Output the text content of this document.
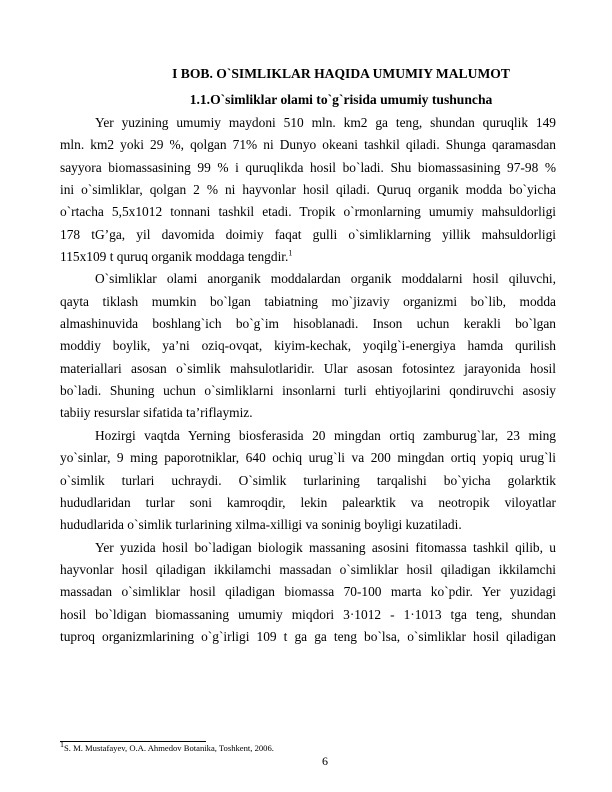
I BOB. O`SIMLIKLAR HAQIDA UMUMIY MALUMOT
1.1.O`simliklar olami to`g`risida umumiy tushuncha
Yer yuzining umumiy maydoni 510 mln. km2 ga teng, shundan quruqlik 149
mln. km2 yoki 29 %, qolgan 71% ni Dunyo okeani tashkil qiladi. Shunga qaramasdan
sayyora biomassasining 99 % i quruqlikda hosil bo`ladi. Shu biomassasining 97-98 %
ini o`simliklar, qolgan 2 % ni hayvonlar hosil qiladi. Quruq organik modda bo`yicha
o`rtacha 5,5x1012 tonnani tashkil etadi. Tropik o`rmonlarning umumiy mahsuldorligi
178 tG’ga, yil davomida doimiy faqat gulli o`simliklarning yillik mahsuldorligi
115x109 t quruq organik moddaga tengdir.$^1$
O`simliklar olami anorganik moddalardan organik moddalarni hosil qiluvchi,
qayta tiklash mumkin bo`lgan tabiatning mo`jizaviy organizmi bo`lib, modda
almashinuvida boshlang`ich bo`g`im hisoblanadi. Inson uchun kerakli bo`lgan
moddiy boylik, ya’ni oziq-ovqat, kiyim-kechak, yoqilg`i-energiya hamda qurilish
materiallari asosan o`simlik mahsulotlaridir. Ular asosan fotosintez jarayonida hosil
bo`ladi. Shuning uchun o`simliklarni insonlarni turli ehtiyojlarini qondiruvchi asosiy
tabiiy resurslar sifatida ta’riflaymiz.
Hozirgi vaqtda Yerning biosferasida 20 mingdan ortiq zamburug`lar, 23 ming
yo`sinlar, 9 ming paporotniklar, 640 ochiq urug`li va 200 mingdan ortiq yopiq urug`li
o`simlik turlari uchraydi. O`simlik turlarining tarqalishi bo`yicha golarktik
hududlaridan turlar soni kamroqdir, lekin palearktik va neotropik viloyatlar
hududlarida o`simlik turlarining xilma-xilligi va soninig boyligi kuzatiladi.
Yer yuzida hosil bo`ladigan biologik massaning asosini fitomassa tashkil qilib, u
hayvonlar hosil qiladigan ikkilamchi massadan o`simliklar hosil qiladigan ikkilamchi
massadan o`simliklar hosil qiladigan biomassa 70-100 marta ko`pdir. Yer yuzidagi
hosil bo`ldigan biomassaning umumiy miqdori 3·1012 - 1·1013 tga teng, shundan
tuproq organizmlarining o`g`irligi 109 t ga ga teng bo`lsa, o`simliklar hosil qiladigan
$^1$S. M. Mustafayev, O.A. Ahmedov Botanika, Toshkent, 2006.
6
